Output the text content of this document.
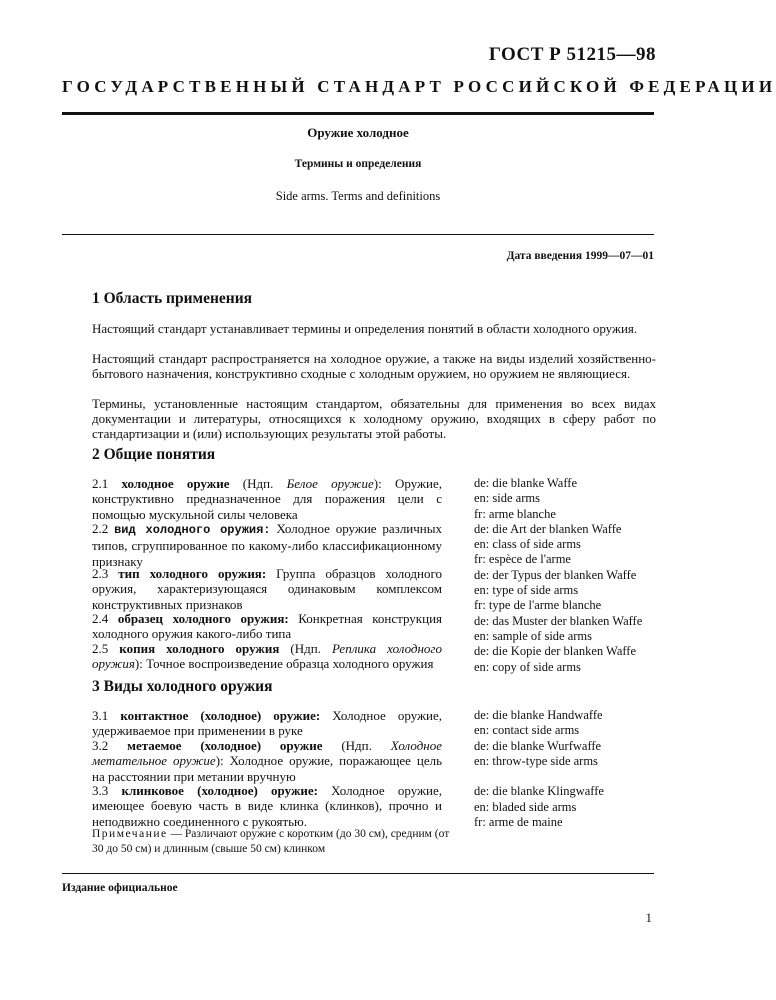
ГОСТ Р 51215—98
ГОСУДАРСТВЕННЫЙ СТАНДАРТ РОССИЙСКОЙ ФЕДЕРАЦИИ
Оружие холодное
Термины и определения
Side arms. Terms and definitions
Дата введения 1999—07—01
1 Область применения
Настоящий стандарт устанавливает термины и определения понятий в области холодного оружия.
Настоящий стандарт распространяется на холодное оружие, а также на виды изделий хозяйственно-бытового назначения, конструктивно сходные с холодным оружием, но оружием не являющиеся.
Термины, установленные настоящим стандартом, обязательны для применения во всех видах документации и литературы, относящихся к холодному оружию, входящих в сферу работ по стандартизации и (или) использующих результаты этой работы.
2 Общие понятия

2.1 холодное оружие (Ндп. Белое оружие): Оружие, конструктивно предназначенное для поражения цели с помощью мускульной силы человека

2.2 вид холодного оружия: Холодное оружие различных типов, сгруппированное по какому-либо классификационному признаку

2.3 тип холодного оружия: Группа образцов холодного оружия, характеризующаяся одинаковым комплексом конструктивных признаков

2.4 образец холодного оружия: Конкретная конструкция холодного оружия какого-либо типа

2.5 копия холодного оружия (Ндп. Реплика холодного оружия): Точное воспроизведение образца холодного оружия

de: die blanke Waffe
en: side arms
fr: arme blanche
de: die Art der blanken Waffe
en: class of side arms
fr: espèce de l'arme
de: der Typus der blanken Waffe
en: type of side arms
fr: type de l'arme blanche
de: das Muster der blanken Waffe
en: sample of side arms
de: die Kopie der blanken Waffe
en: copy of side arms
3 Виды холодного оружия

3.1 контактное (холодное) оружие: Холодное оружие, удерживаемое при применении в руке

3.2 метаемое (холодное) оружие (Ндп. Холодное метательное оружие): Холодное оружие, поражающее цель на расстоянии при метании вручную

3.3 клинковое (холодное) оружие: Холодное оружие, имеющее боевую часть в виде клинка (клинков), прочно и неподвижно соединенного с рукоятью.

de: die blanke Handwaffe
en: contact side arms
de: die blanke Wurfwaffe
en: throw-type side arms
de: die blanke Klingwaffe
en: bladed side arms
fr: arme de maine
Примечание — Различают оружие с коротким (до 30 см), средним (от 30 до 50 см) и длинным (свыше 50 см) клинком
Издание официальное
1
